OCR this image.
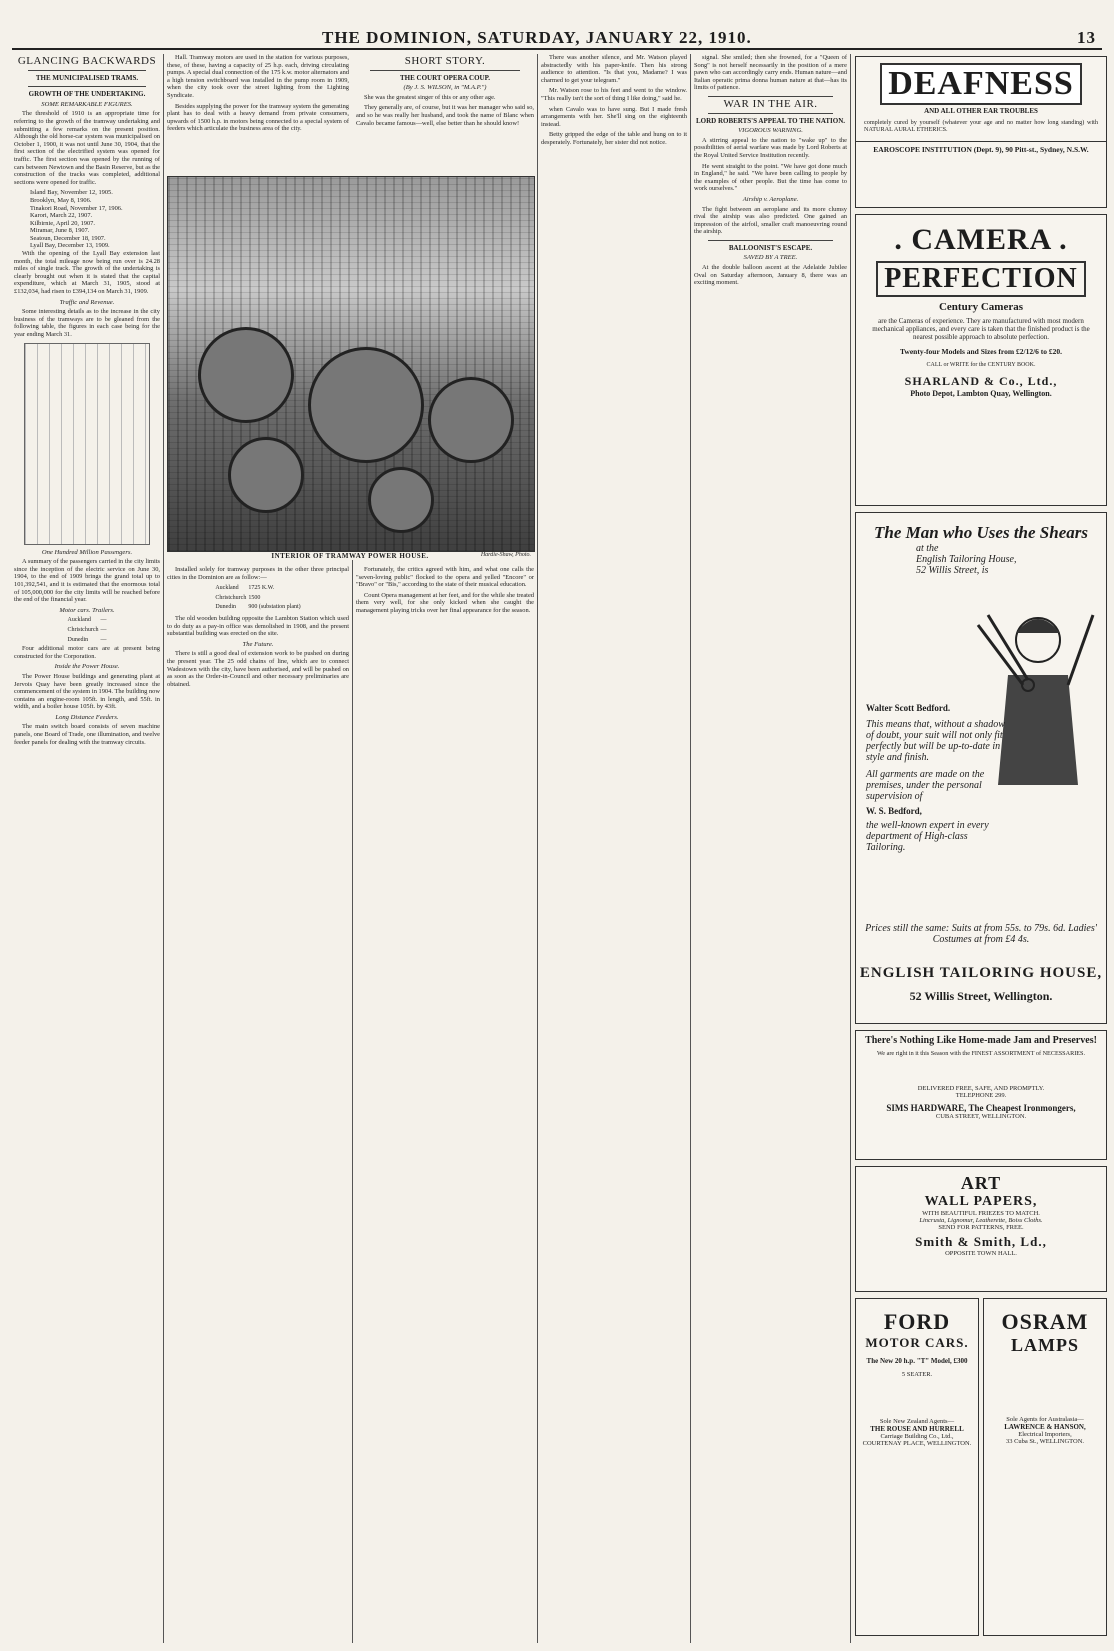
THE DOMINION, SATURDAY, JANUARY 22, 1910.	13
GLANCING BACKWARDS
THE MUNICIPALISED TRAMS.
GROWTH OF THE UNDERTAKING.
SOME REMARKABLE FIGURES.

The threshold of 1910 is an appropriate time for referring to the growth of the tramway undertaking and submitting a few remarks on the present position. Although the old horse-car system was municipalised on October 1, 1900, it was not until June 30, 1904, that the first section of the electrified system was opened for traffic. The first section was opened by the running of cars between Newtown and the Basin Reserve, but as the construction of the tracks was completed, additional sections were opened for traffic.

Island Bay, November 12, 1905.
Brooklyn, May 8, 1906.
Tinakori Road, November 17, 1906.
Karori, March 22, 1907.
Kilbirnie, April 20, 1907.
Miramar, June 8, 1907.
Seatoun, December 18, 1907.
Lyall Bay, December 13, 1909.

With the opening of the Lyall Bay extension last month, the total mileage now being run over is 24.28 miles of single track. The growth of the undertaking is clearly brought out when it is stated that the capital expenditure, which at March 31, 1905, stood at £132,034, had risen to £394,134 on March 31, 1909.

Traffic and Revenue.

Some interesting details as to the increase in the city business of the tramways are to be gleaned from the following table, the figures in each case being for the year ending March 31.

One Hundred Million Passengers.

A summary of the passengers carried in the city limits since the inception of the electric service on June 30, 1904, to the end of 1909 brings the grand total up to 101,392,541, and it is estimated that the enormous total of 105,000,000 for the city limits will be reached before the end of the financial year.

Motor cars. Trailers.
Auckland	—
Christchurch	—
Dunedin	—

Four additional motor cars are at present being constructed for the Corporation.

Inside the Power House.

The Power House buildings and generating plant at Jervois Quay have been greatly increased since the commencement of the system in 1904. The building now contains an engine-room 105ft. in length, and 55ft. in width, and a boiler house 105ft. by 43ft.

Long Distance Feeders.

The main switch board consists of seven machine panels, one Board of Trade, one illumination, and twelve feeder panels for dealing with the tramway circuits.

Hall. Tramway motors are used in the station for various purposes, these, of these, having a capacity of 25 h.p. each, driving circulating pumps. A special dual connection of the 175 k.w. motor alternators and a high tension switchboard was installed in the pump room in 1909, when the city took over the street lighting from the Lighting Syndicate.

Besides supplying the power for the tramway system the generating plant has to deal with a heavy demand from private consumers, upwards of 1500 h.p. in motors being connected to a special system of feeders which articulate the business area of the city.

SHORT STORY.
THE COURT OPERA COUP.
(By J. S. WILSON, in "M.A.P.")

She was the greatest singer of this or any other age.

They generally are, of course, but it was her manager who said so, and so he was really her husband, and took the name of Blanc when Cavalo became famous—well, else better than he should know!

INTERIOR OF TRAMWAY POWER HOUSE.	Hardie-Shaw, Photo.

Installed solely for tramway purposes in the other three principal cities in the Dominion are as follow:—

Auckland	1725 K.W.
Christchurch	1500
Dunedin	900 (substation plant)

The old wooden building opposite the Lambton Station which used to do duty as a pay-in office was demolished in 1908, and the present substantial building was erected on the site.

The Future.

There is still a good deal of extension work to be pushed on during the present year. The 25 odd chains of line, which are to connect Wadestown with the city, have been authorised, and will be pushed on as soon as the Order-in-Council and other necessary preliminaries are obtained.

Fortunately, the critics agreed with him, and what one calls the "seven-loving public" flocked to the opera and yelled "Encore" or "Bravo" or "Bis," according to the state of their musical education.

Count Opera management at her feet, and for the while she treated them very well, for she only kicked when she caught the management playing tricks over her final appearance for the season.

There was another silence, and Mr. Watson played abstractedly with his paper-knife. Then his strong audience to attention. "Is that you, Madame? I was charmed to get your telegram."

Mr. Watson rose to his feet and went to the window. "This really isn't the sort of thing I like doing," said he.

when Cavalo was to have sung. But I made fresh arrangements with her. She'll sing on the eighteenth instead.

Betty gripped the edge of the table and hung on to it desperately. Fortunately, her sister did not notice.

signal. She smiled; then she frowned, for a "Queen of Song" is not herself necessarily in the position of a mere pawn who can accordingly carry ends. Human nature—and Italian operatic prima donna human nature at that—has its limits of patience.

WAR IN THE AIR.
LORD ROBERTS'S APPEAL TO THE NATION.
VIGOROUS WARNING.

A stirring appeal to the nation to "wake up" to the possibilities of aerial warfare was made by Lord Roberts at the Royal United Service Institution recently.

He went straight to the point. "We have got done much in England," he said. "We have been calling to people by the examples of other people. But the time has come to work ourselves."

Airship v. Aeroplane.

The fight between an aeroplane and its more clumsy rival the airship was also predicted. One gained an impression of the airfoil, smaller craft manoeuvring round the airship.

BALLOONIST'S ESCAPE.
SAVED BY A TREE.

At the double balloon ascent at the Adelaide Jubilee Oval on Saturday afternoon, January 8, there was an exciting moment.

DEAFNESS
AND ALL OTHER EAR TROUBLES
completely cured by yourself (whatever your age and no matter how long standing) with NATURAL AURAL ETHERICS.
EAROSCOPE INSTITUTION (Dept. 9), 90 Pitt-st., Sydney, N.S.W.
. CAMERA .
PERFECTION
Century Cameras
are the Cameras of experience. They are manufactured with most modern mechanical appliances, and every care is taken that the finished product is the nearest possible approach to absolute perfection.
Twenty-four Models and Sizes from £2/12/6 to £20.
CALL or WRITE for the CENTURY BOOK.
SHARLAND & Co., Ltd.,
Photo Depot, Lambton Quay, Wellington.
The Man who Uses the Shears
at the
English Tailoring House,
52 Willis Street, is
Walter Scott Bedford.
This means that, without a shadow of doubt, your suit will not only fit perfectly but will be up-to-date in style and finish.
All garments are made on the premises, under the personal supervision of
W. S. Bedford,
the well-known expert in every department of High-class Tailoring.
Prices still the same: Suits at from 55s. to 79s. 6d. Ladies' Costumes at from £4 4s.
ENGLISH TAILORING HOUSE,
52 Willis Street, Wellington.
There's Nothing Like Home-made Jam and Preserves!
We are right in it this Season with the FINEST ASSORTMENT of NECESSARIES.
DELIVERED FREE, SAFE, AND PROMPTLY.
TELEPHONE 299.
SIMS HARDWARE, The Cheapest Ironmongers,
CUBA STREET, WELLINGTON.
ART
WALL PAPERS,
WITH BEAUTIFUL FRIEZES TO MATCH.
Lincrusta, Lignomur, Leatherette, Boiss Cloths.
SEND FOR PATTERNS, FREE.
Smith & Smith, Ld.,
OPPOSITE TOWN HALL.
FORD
MOTOR CARS.
The New 20 h.p. "T" Model, £300
5 SEATER.
Sole New Zealand Agents—
THE ROUSE AND HURRELL
Carriage Building Co., Ltd.,
COURTENAY PLACE, WELLINGTON.
OSRAM
LAMPS
Sole Agents for Australasia—
LAWRENCE & HANSON,
Electrical Importers,
33 Cuba St., WELLINGTON.
